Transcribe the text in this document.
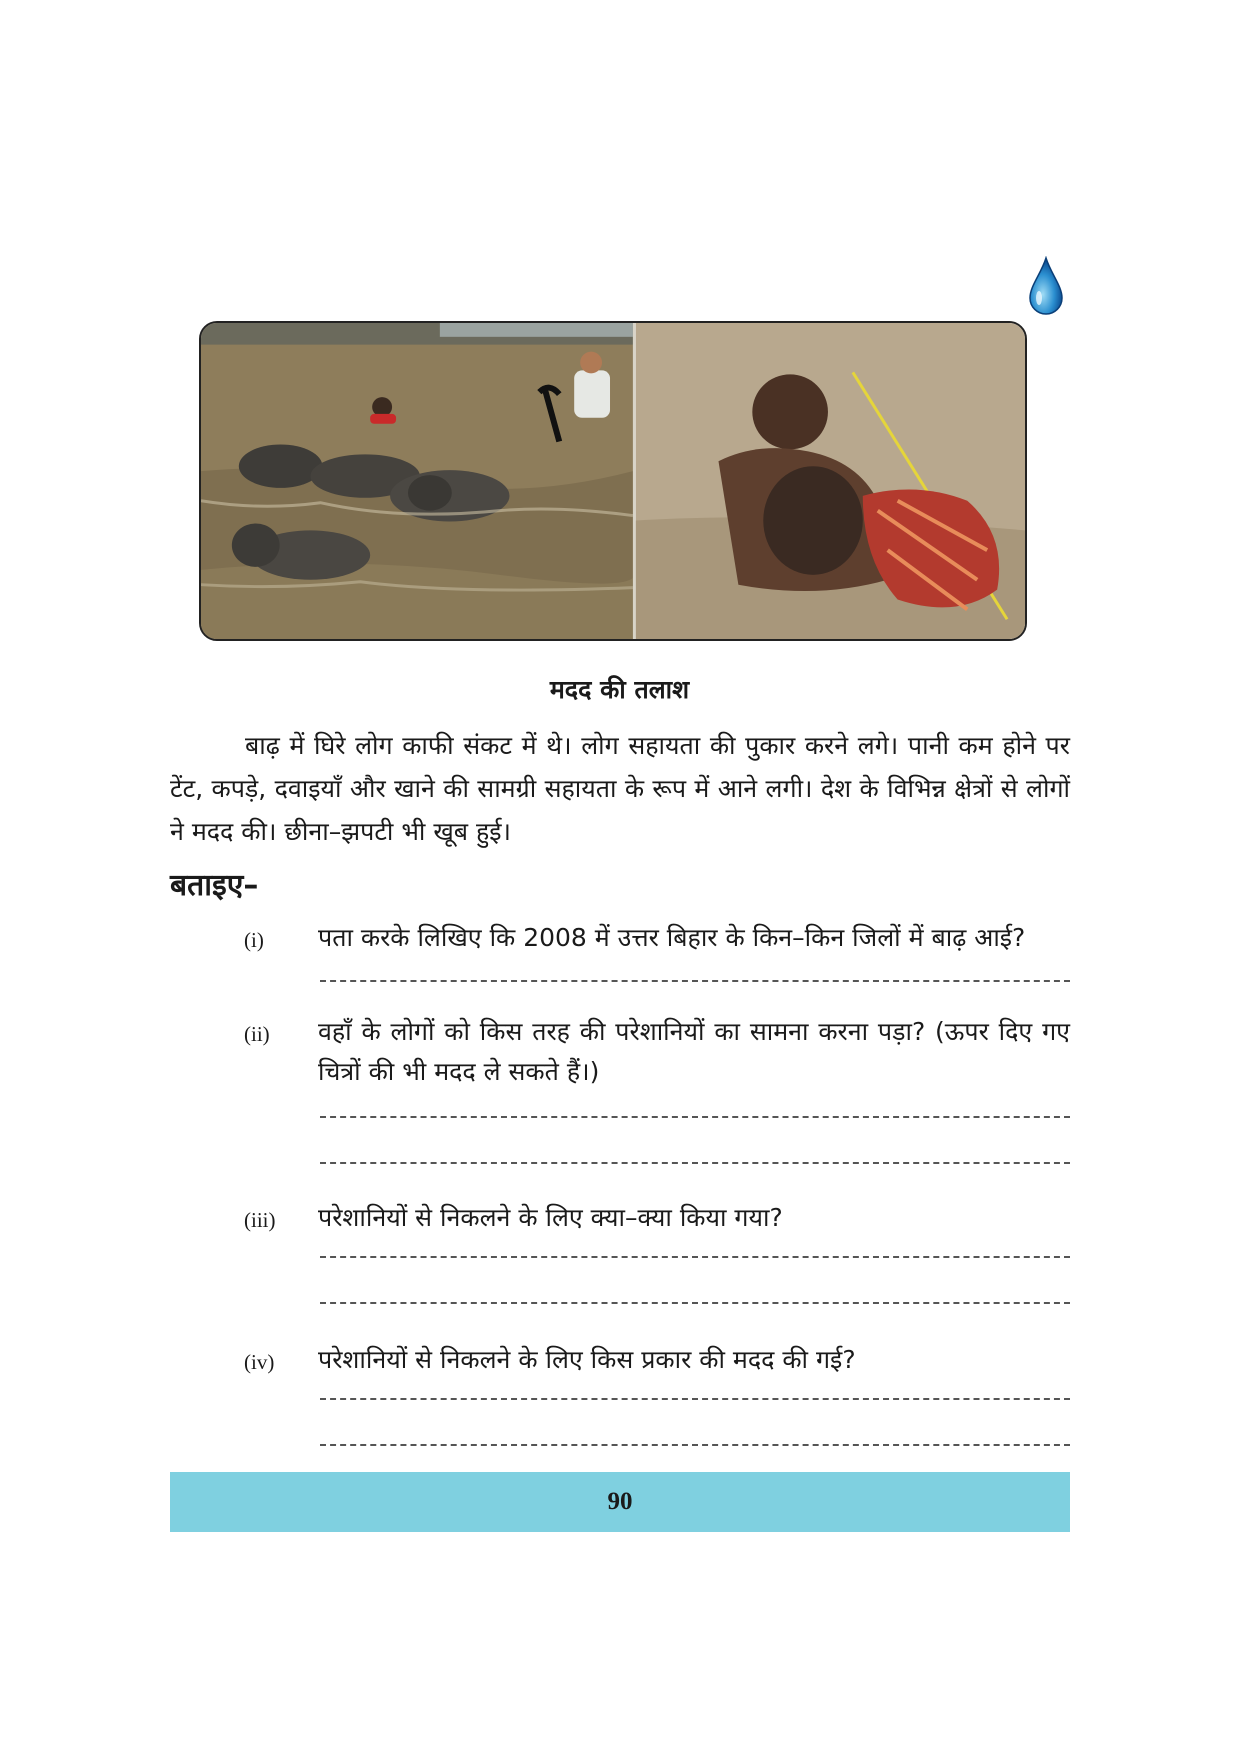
मदद की तलाश

बाढ़ में घिरे लोग काफी संकट में थे। लोग सहायता की पुकार करने लगे। पानी कम होने पर टेंट, कपड़े, दवाइयाँ और खाने की सामग्री सहायता के रूप में आने लगी। देश के विभिन्न क्षेत्रों से लोगों ने मदद की। छीना–झपटी भी खूब हुई।

बताइए–
(i) पता करके लिखिए कि 2008 में उत्तर बिहार के किन–किन जिलों में बाढ़ आई?

(ii) वहाँ के लोगों को किस तरह की परेशानियों का सामना करना पड़ा? (ऊपर दिए गए चित्रों की भी मदद ले सकते हैं।)

(iii) परेशानियों से निकलने के लिए क्या–क्या किया गया?

(iv) परेशानियों से निकलने के लिए किस प्रकार की मदद की गई?

90
